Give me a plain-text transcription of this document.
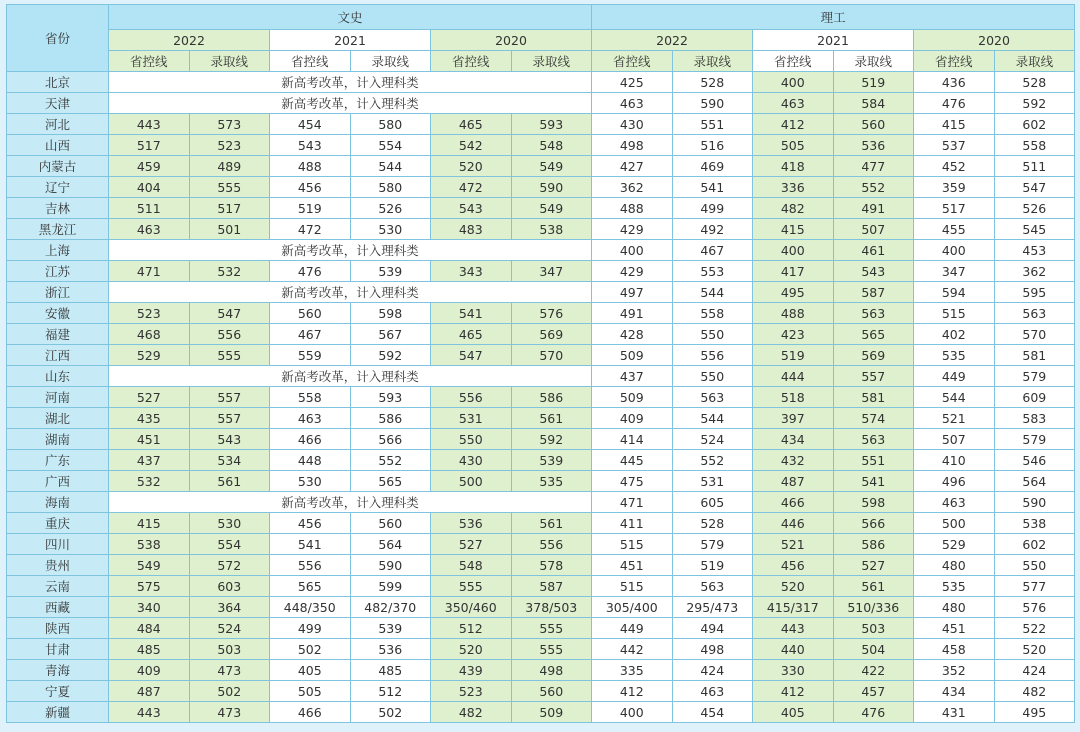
省份	文史						理工					
	2022		2021		2020		2022		2021		2020	
	省控线	录取线	省控线	录取线	省控线	录取线	省控线	录取线	省控线	录取线	省控线	录取线
北京	新高考改革，计入理科类						425	528	400	519	436	528
天津	新高考改革，计入理科类						463	590	463	584	476	592
河北	443	573	454	580	465	593	430	551	412	560	415	602
山西	517	523	543	554	542	548	498	516	505	536	537	558
内蒙古	459	489	488	544	520	549	427	469	418	477	452	511
辽宁	404	555	456	580	472	590	362	541	336	552	359	547
吉林	511	517	519	526	543	549	488	499	482	491	517	526
黑龙江	463	501	472	530	483	538	429	492	415	507	455	545
上海	新高考改革，计入理科类						400	467	400	461	400	453
江苏	471	532	476	539	343	347	429	553	417	543	347	362
浙江	新高考改革，计入理科类						497	544	495	587	594	595
安徽	523	547	560	598	541	576	491	558	488	563	515	563
福建	468	556	467	567	465	569	428	550	423	565	402	570
江西	529	555	559	592	547	570	509	556	519	569	535	581
山东	新高考改革，计入理科类						437	550	444	557	449	579
河南	527	557	558	593	556	586	509	563	518	581	544	609
湖北	435	557	463	586	531	561	409	544	397	574	521	583
湖南	451	543	466	566	550	592	414	524	434	563	507	579
广东	437	534	448	552	430	539	445	552	432	551	410	546
广西	532	561	530	565	500	535	475	531	487	541	496	564
海南	新高考改革，计入理科类						471	605	466	598	463	590
重庆	415	530	456	560	536	561	411	528	446	566	500	538
四川	538	554	541	564	527	556	515	579	521	586	529	602
贵州	549	572	556	590	548	578	451	519	456	527	480	550
云南	575	603	565	599	555	587	515	563	520	561	535	577
西藏	340	364	448/350	482/370	350/460	378/503	305/400	295/473	415/317	510/336	480	576
陕西	484	524	499	539	512	555	449	494	443	503	451	522
甘肃	485	503	502	536	520	555	442	498	440	504	458	520
青海	409	473	405	485	439	498	335	424	330	422	352	424
宁夏	487	502	505	512	523	560	412	463	412	457	434	482
新疆	443	473	466	502	482	509	400	454	405	476	431	495
